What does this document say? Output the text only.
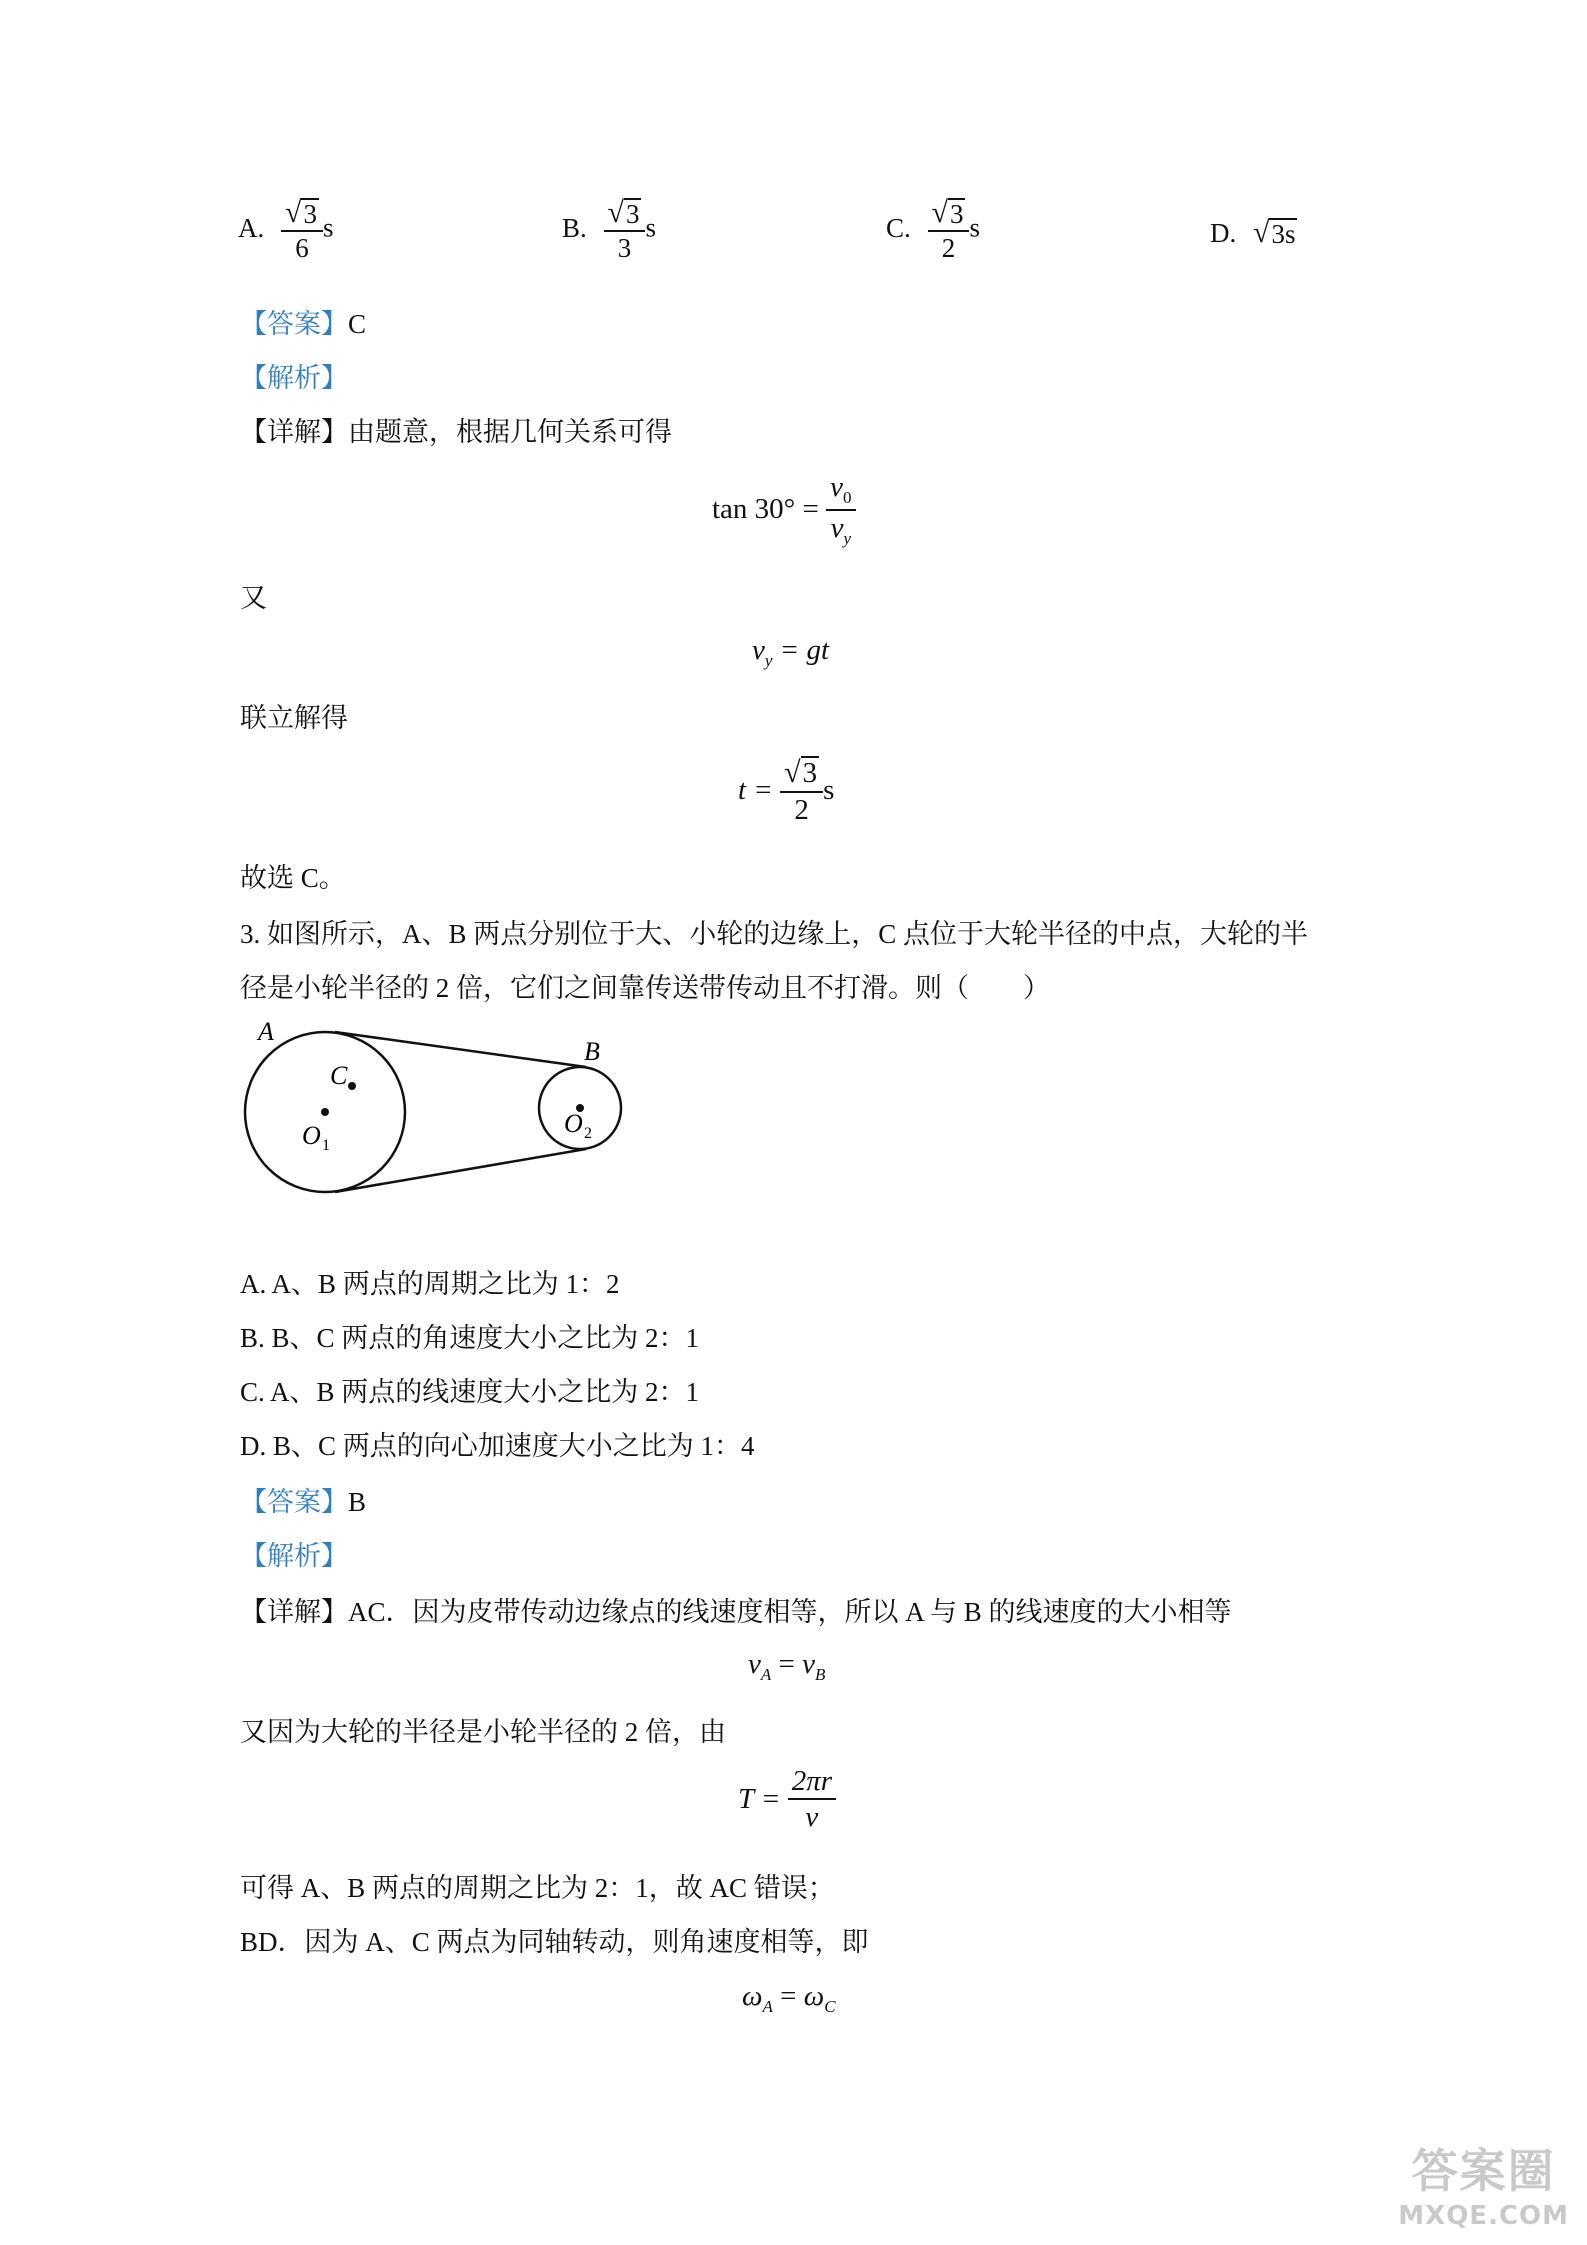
A. $\frac{√ 3}{6}$ s	B. $\frac{√ 3}{3}$ s	C. $\frac{√ 3}{2}$ s	D. √ 3s
【答案】C
【解析】
【详解】由题意，根据几何关系可得
$\tan 30^\circ = \frac{v_0}{v_y}$
又
$v_y$ = gt
联立解得
$t = \frac{√ 3}{2}$ s
故选 C。
3. 如图所示，A、B 两点分别位于大、小轮的边缘上，C 点位于大轮半径的中点，大轮的半
径是小轮半径的 2 倍，它们之间靠传送带传动且不打滑。则（　　）
A
B
C
O 1
O 2
A. A、B 两点的周期之比为 1：2
B. B、C 两点的角速度大小之比为 2：1
C. A、B 两点的线速度大小之比为 2：1
D. B、C 两点的向心加速度大小之比为 1：4
【答案】B
【解析】
【详解】AC．因为皮带传动边缘点的线速度相等，所以 A 与 B 的线速度的大小相等
$v_A = v_B$
又因为大轮的半径是小轮半径的 2 倍，由
$T = \frac{2\pi r}{v}$
可得 A、B 两点的周期之比为 2：1，故 AC 错误；
BD．因为 A、C 两点为同轴转动，则角速度相等，即
$\omega_A = \omega_C$
答案圈
MXQE.COM
